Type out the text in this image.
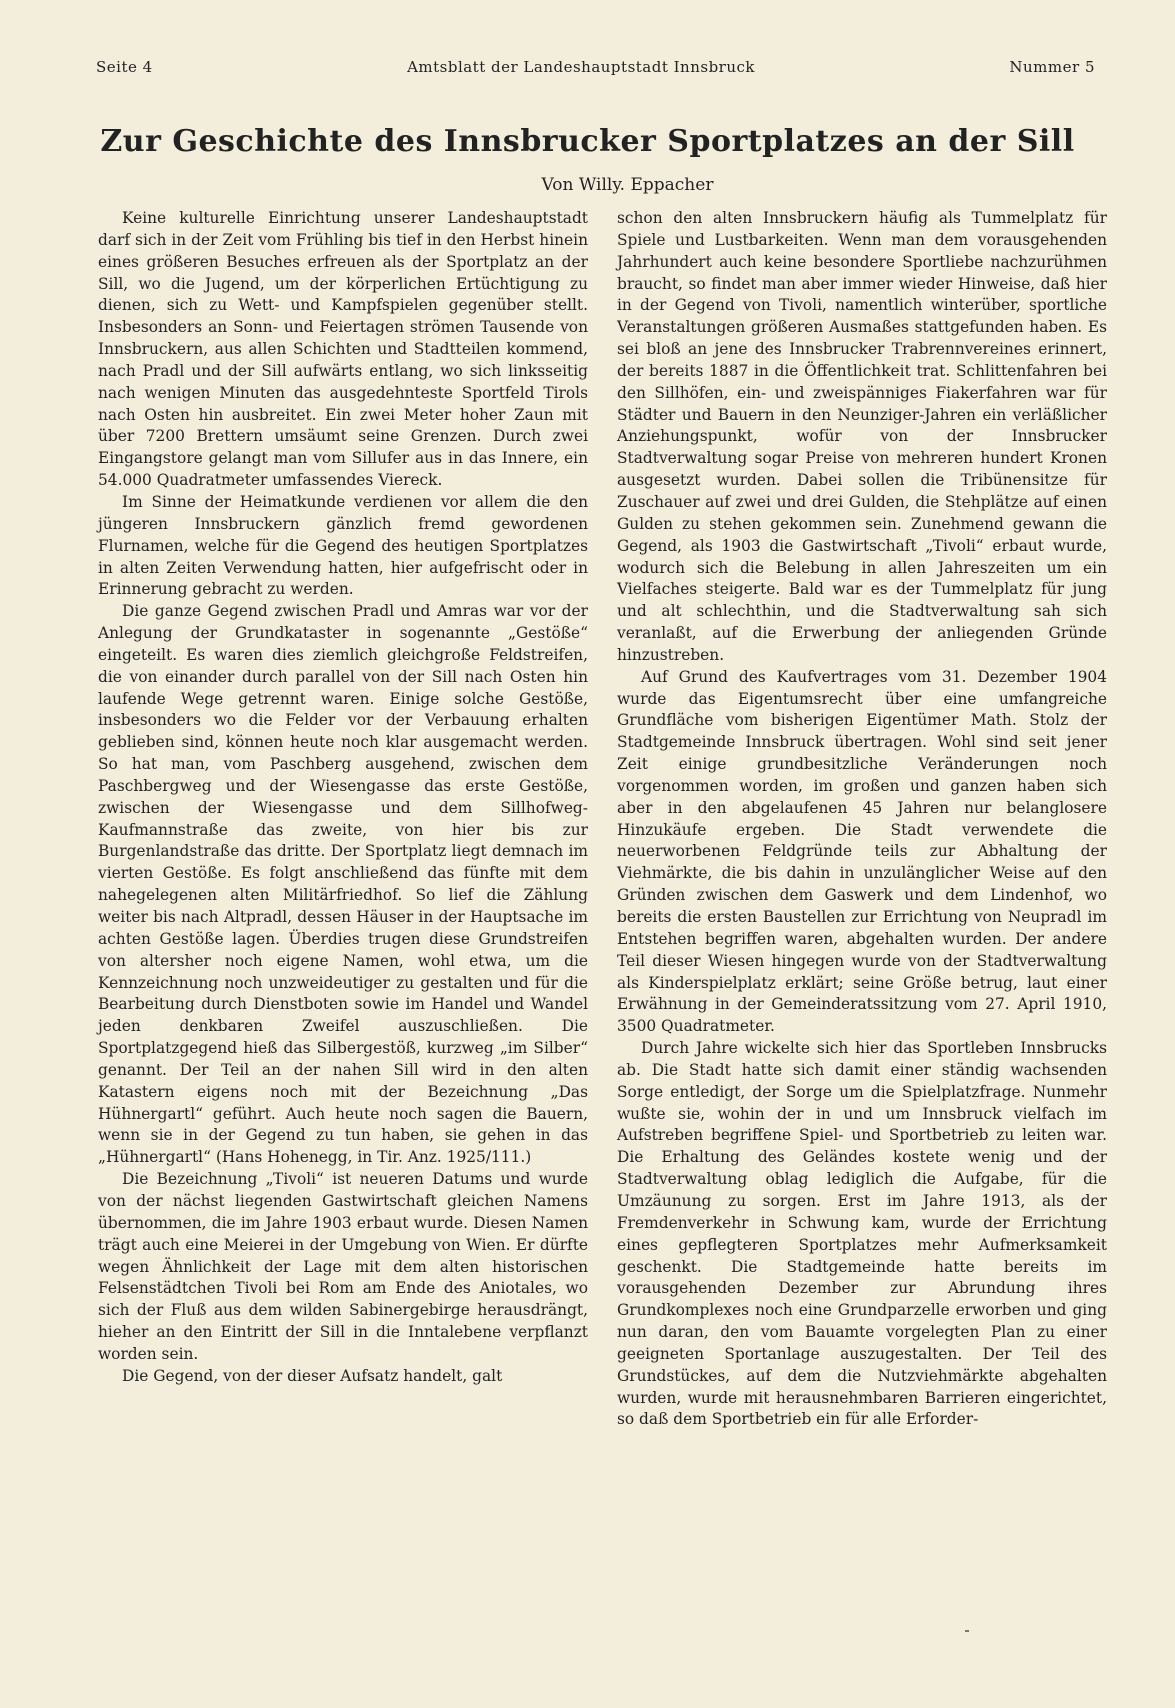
Seite 4	Amtsblatt der Landeshauptstadt Innsbruck	Nummer 5
Zur Geschichte des Innsbrucker Sportplatzes an der Sill
Von Willy. Eppacher

Keine kulturelle Einrichtung unserer Landeshauptstadt darf sich in der Zeit vom Frühling bis tief in den Herbst hinein eines größeren Besuches erfreuen als der Sportplatz an der Sill, wo die Jugend, um der körperlichen Ertüchtigung zu dienen, sich zu Wett- und Kampfspielen gegenüber stellt. Insbesonders an Sonn- und Feiertagen strömen Tausende von Innsbruckern, aus allen Schichten und Stadtteilen kommend, nach Pradl und der Sill aufwärts entlang, wo sich linksseitig nach wenigen Minuten das ausgedehnteste Sportfeld Tirols nach Osten hin ausbreitet. Ein zwei Meter hoher Zaun mit über 7200 Brettern umsäumt seine Grenzen. Durch zwei Eingangstore gelangt man vom Sillufer aus in das Innere, ein 54.000 Quadratmeter umfassendes Viereck.

Im Sinne der Heimatkunde verdienen vor allem die den jüngeren Innsbruckern gänzlich fremd gewordenen Flurnamen, welche für die Gegend des heutigen Sportplatzes in alten Zeiten Verwendung hatten, hier aufgefrischt oder in Erinnerung gebracht zu werden.

Die ganze Gegend zwischen Pradl und Amras war vor der Anlegung der Grundkataster in sogenannte „Gestöße“ eingeteilt. Es waren dies ziemlich gleichgroße Feldstreifen, die von einander durch parallel von der Sill nach Osten hin laufende Wege getrennt waren. Einige solche Gestöße, insbesonders wo die Felder vor der Verbauung erhalten geblieben sind, können heute noch klar ausgemacht werden. So hat man, vom Paschberg ausgehend, zwischen dem Paschbergweg und der Wiesengasse das erste Gestöße, zwischen der Wiesengasse und dem Sillhofweg-Kaufmannstraße das zweite, von hier bis zur Burgenlandstraße das dritte. Der Sportplatz liegt demnach im vierten Gestöße. Es folgt anschließend das fünfte mit dem nahegelegenen alten Militärfriedhof. So lief die Zählung weiter bis nach Altpradl, dessen Häuser in der Hauptsache im achten Gestöße lagen. Überdies trugen diese Grundstreifen von altersher noch eigene Namen, wohl etwa, um die Kennzeichnung noch unzweideutiger zu gestalten und für die Bearbeitung durch Dienstboten sowie im Handel und Wandel jeden denkbaren Zweifel auszuschließen. Die Sportplatzgegend hieß das Silbergestöß, kurzweg „im Silber“ genannt. Der Teil an der nahen Sill wird in den alten Katastern eigens noch mit der Bezeichnung „Das Hühnergartl“ geführt. Auch heute noch sagen die Bauern, wenn sie in der Gegend zu tun haben, sie gehen in das „Hühnergartl“ (Hans Hohenegg, in Tir. Anz. 1925/111.)

Die Bezeichnung „Tivoli“ ist neueren Datums und wurde von der nächst liegenden Gastwirtschaft gleichen Namens übernommen, die im Jahre 1903 erbaut wurde. Diesen Namen trägt auch eine Meierei in der Umgebung von Wien. Er dürfte wegen Ähnlichkeit der Lage mit dem alten historischen Felsenstädtchen Tivoli bei Rom am Ende des Aniotales, wo sich der Fluß aus dem wilden Sabinergebirge herausdrängt, hieher an den Eintritt der Sill in die Inntalebene verpflanzt worden sein.

Die Gegend, von der dieser Aufsatz handelt, galt

schon den alten Innsbruckern häufig als Tummelplatz für Spiele und Lustbarkeiten. Wenn man dem vorausgehenden Jahrhundert auch keine besondere Sportliebe nachzurühmen braucht, so findet man aber immer wieder Hinweise, daß hier in der Gegend von Tivoli, namentlich winterüber, sportliche Veranstaltungen größeren Ausmaßes stattgefunden haben. Es sei bloß an jene des Innsbrucker Trabrennvereines erinnert, der bereits 1887 in die Öffentlichkeit trat. Schlittenfahren bei den Sillhöfen, ein- und zweispänniges Fiakerfahren war für Städter und Bauern in den Neunziger-Jahren ein verläßlicher Anziehungspunkt, wofür von der Innsbrucker Stadtverwaltung sogar Preise von mehreren hundert Kronen ausgesetzt wurden. Dabei sollen die Tribünensitze für Zuschauer auf zwei und drei Gulden, die Stehplätze auf einen Gulden zu stehen gekommen sein. Zunehmend gewann die Gegend, als 1903 die Gastwirtschaft „Tivoli“ erbaut wurde, wodurch sich die Belebung in allen Jahreszeiten um ein Vielfaches steigerte. Bald war es der Tummelplatz für jung und alt schlechthin, und die Stadtverwaltung sah sich veranlaßt, auf die Erwerbung der anliegenden Gründe hinzustreben.

Auf Grund des Kaufvertrages vom 31. Dezember 1904 wurde das Eigentumsrecht über eine umfangreiche Grundfläche vom bisherigen Eigentümer Math. Stolz der Stadtgemeinde Innsbruck übertragen. Wohl sind seit jener Zeit einige grundbesitzliche Veränderungen noch vorgenommen worden, im großen und ganzen haben sich aber in den abgelaufenen 45 Jahren nur belanglosere Hinzukäufe ergeben. Die Stadt verwendete die neuerworbenen Feldgründe teils zur Abhaltung der Viehmärkte, die bis dahin in unzulänglicher Weise auf den Gründen zwischen dem Gaswerk und dem Lindenhof, wo bereits die ersten Baustellen zur Errichtung von Neupradl im Entstehen begriffen waren, abgehalten wurden. Der andere Teil dieser Wiesen hingegen wurde von der Stadtverwaltung als Kinderspielplatz erklärt; seine Größe betrug, laut einer Erwähnung in der Gemeinderatssitzung vom 27. April 1910, 3500 Quadratmeter.

Durch Jahre wickelte sich hier das Sportleben Innsbrucks ab. Die Stadt hatte sich damit einer ständig wachsenden Sorge entledigt, der Sorge um die Spielplatzfrage. Nunmehr wußte sie, wohin der in und um Innsbruck vielfach im Aufstreben begriffene Spiel- und Sportbetrieb zu leiten war. Die Erhaltung des Geländes kostete wenig und der Stadtverwaltung oblag lediglich die Aufgabe, für die Umzäunung zu sorgen. Erst im Jahre 1913, als der Fremdenverkehr in Schwung kam, wurde der Errichtung eines gepflegteren Sportplatzes mehr Aufmerksamkeit geschenkt. Die Stadtgemeinde hatte bereits im vorausgehenden Dezember zur Abrundung ihres Grundkomplexes noch eine Grundparzelle erworben und ging nun daran, den vom Bauamte vorgelegten Plan zu einer geeigneten Sportanlage auszugestalten. Der Teil des Grundstückes, auf dem die Nutzviehmärkte abgehalten wurden, wurde mit herausnehmbaren Barrieren eingerichtet, so daß dem Sportbetrieb ein für alle Erforder-
